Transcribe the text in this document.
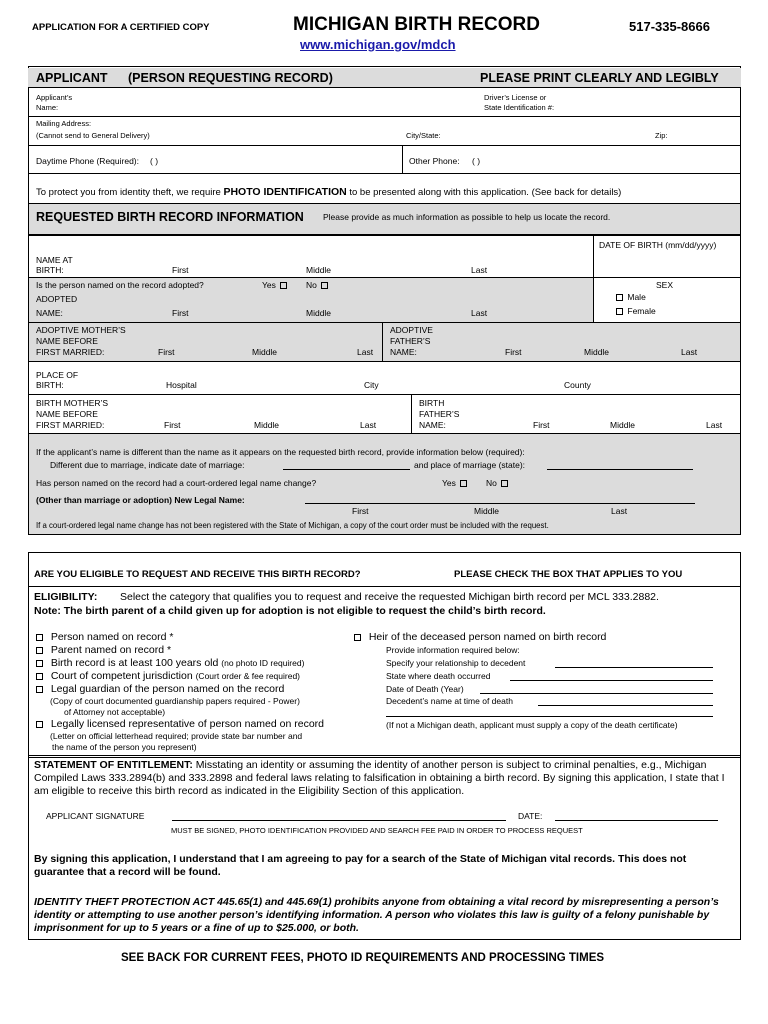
APPLICATION FOR A CERTIFIED COPY	MICHIGAN BIRTH RECORD	517-335-8666
www.michigan.gov/mdch
APPLICANT (PERSON REQUESTING RECORD)	PLEASE PRINT CLEARLY AND LEGIBLY
Applicant’s
Name:
Driver’s License or
State Identification #:
Mailing Address:
(Cannot send to General Delivery)	City/State:	Zip:
Daytime Phone (Required): ( )	Other Phone: ( )
To protect you from identity theft, we require PHOTO IDENTIFICATION to be presented along with this application. (See back for details)
REQUESTED BIRTH RECORD INFORMATION Please provide as much information as possible to help us locate the record.
DATE OF BIRTH (mm/dd/yyyy)
NAME AT
BIRTH:	First	Middle	Last
Is the person named on the record adopted?	Yes	No
ADOPTED
NAME:	First	Middle	Last
SEX
Male
Female
ADOPTIVE MOTHER’S
NAME BEFORE
FIRST MARRIED:	First	Middle	Last
ADOPTIVE
FATHER’S
NAME:	First	Middle	Last
PLACE OF
BIRTH:	Hospital	City	County
BIRTH MOTHER’S
NAME BEFORE
FIRST MARRIED:	First	Middle	Last
BIRTH
FATHER’S
NAME:	First	Middle	Last
If the applicant’s name is different than the name as it appears on the requested birth record, provide information below (required):
Different due to marriage, indicate date of marriage:	and place of marriage (state):
Has person named on the record had a court-ordered legal name change?	Yes	No
(Other than marriage or adoption) New Legal Name:
First	Middle	Last
If a court-ordered legal name change has not been registered with the State of Michigan, a copy of the court order must be included with the request.
ARE YOU ELIGIBLE TO REQUEST AND RECEIVE THIS BIRTH RECORD?	PLEASE CHECK THE BOX THAT APPLIES TO YOU
ELIGIBILITY: Select the category that qualifies you to request and receive the requested Michigan birth record per MCL 333.2882.
Note: The birth parent of a child given up for adoption is not eligible to request the child’s birth record.
Person named on record *
Parent named on record *
Birth record is at least 100 years old (no photo ID required)
Court of competent jurisdiction (Court order & fee required)
Legal guardian of the person named on the record
(Copy of court documented guardianship papers required - Power)
of Attorney not acceptable)
Legally licensed representative of person named on record
(Letter on official letterhead required; provide state bar number and
the name of the person you represent)
Heir of the deceased person named on birth record
Provide information required below:
Specify your relationship to decedent
State where death occurred
Date of Death (Year)
Decedent’s name at time of death
(If not a Michigan death, applicant must supply a copy of the death certificate)
STATEMENT OF ENTITLEMENT: Misstating an identity or assuming the identity of another person is subject to criminal penalties, e.g., Michigan Compiled Laws 333.2894(b) and 333.2898 and federal laws relating to falsification in obtaining a birth record. By signing this application, I state that I am eligible to receive this birth record as indicated in the Eligibility Section of this application.
APPLICANT SIGNATURE	DATE:
MUST BE SIGNED, PHOTO IDENTIFICATION PROVIDED AND SEARCH FEE PAID IN ORDER TO PROCESS REQUEST
By signing this application, I understand that I am agreeing to pay for a search of the State of Michigan vital records. This does not guarantee that a record will be found.
IDENTITY THEFT PROTECTION ACT 445.65(1) and 445.69(1) prohibits anyone from obtaining a vital record by misrepresenting a person’s identity or attempting to use another person’s identifying information. A person who violates this law is guilty of a felony punishable by imprisonment for up to 5 years or a fine of up to $25.000, or both.
SEE BACK FOR CURRENT FEES, PHOTO ID REQUIREMENTS AND PROCESSING TIMES
